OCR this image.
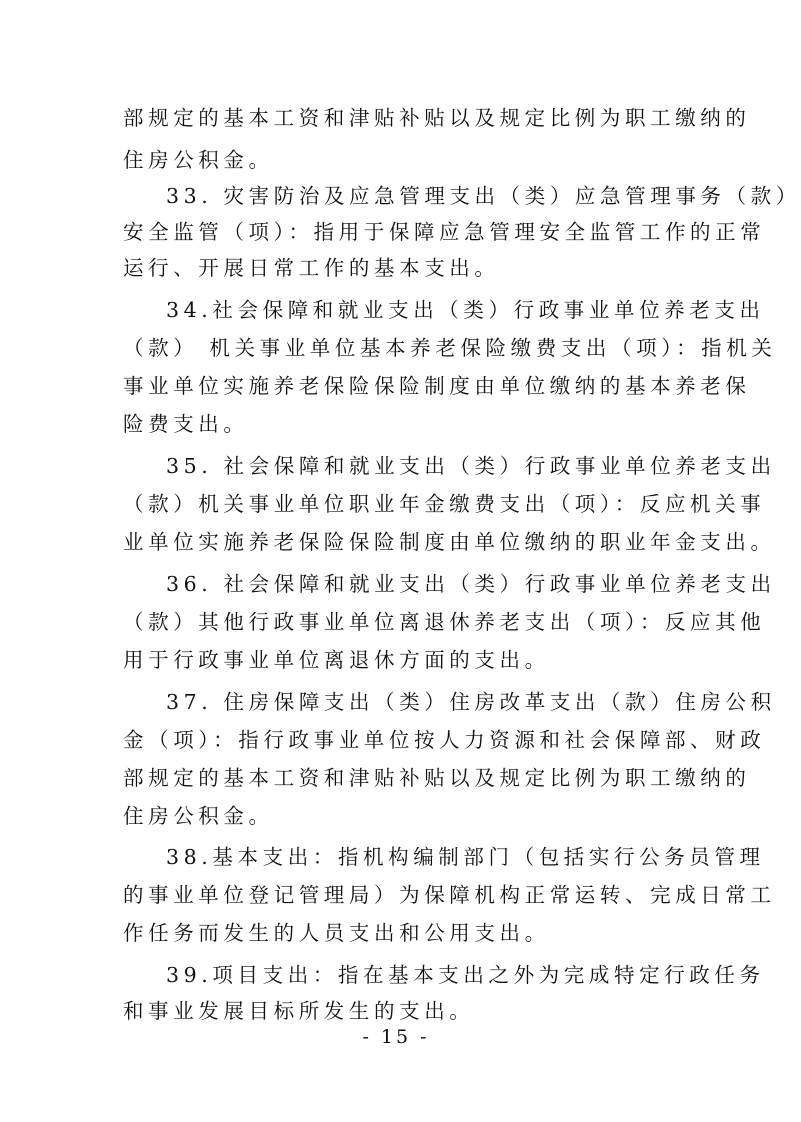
部规定的基本工资和津贴补贴以及规定比例为职工缴纳的
住房公积金。
33. 灾害防治及应急管理支出（类）应急管理事务（款）
安全监管（项）：指用于保障应急管理安全监管工作的正常
运行、开展日常工作的基本支出。
34.社会保障和就业支出（类）行政事业单位养老支出
（款） 机关事业单位基本养老保险缴费支出（项）：指机关
事业单位实施养老保险保险制度由单位缴纳的基本养老保
险费支出。
35. 社会保障和就业支出（类）行政事业单位养老支出
（款）机关事业单位职业年金缴费支出（项）：反应机关事
业单位实施养老保险保险制度由单位缴纳的职业年金支出。
36. 社会保障和就业支出（类）行政事业单位养老支出
（款）其他行政事业单位离退休养老支出（项）：反应其他
用于行政事业单位离退休方面的支出。
37. 住房保障支出（类）住房改革支出（款）住房公积
金（项）：指行政事业单位按人力资源和社会保障部、财政
部规定的基本工资和津贴补贴以及规定比例为职工缴纳的
住房公积金。
38.基本支出：指机构编制部门（包括实行公务员管理
的事业单位登记管理局）为保障机构正常运转、完成日常工
作任务而发生的人员支出和公用支出。
39.项目支出：指在基本支出之外为完成特定行政任务
和事业发展目标所发生的支出。
- 15 -
